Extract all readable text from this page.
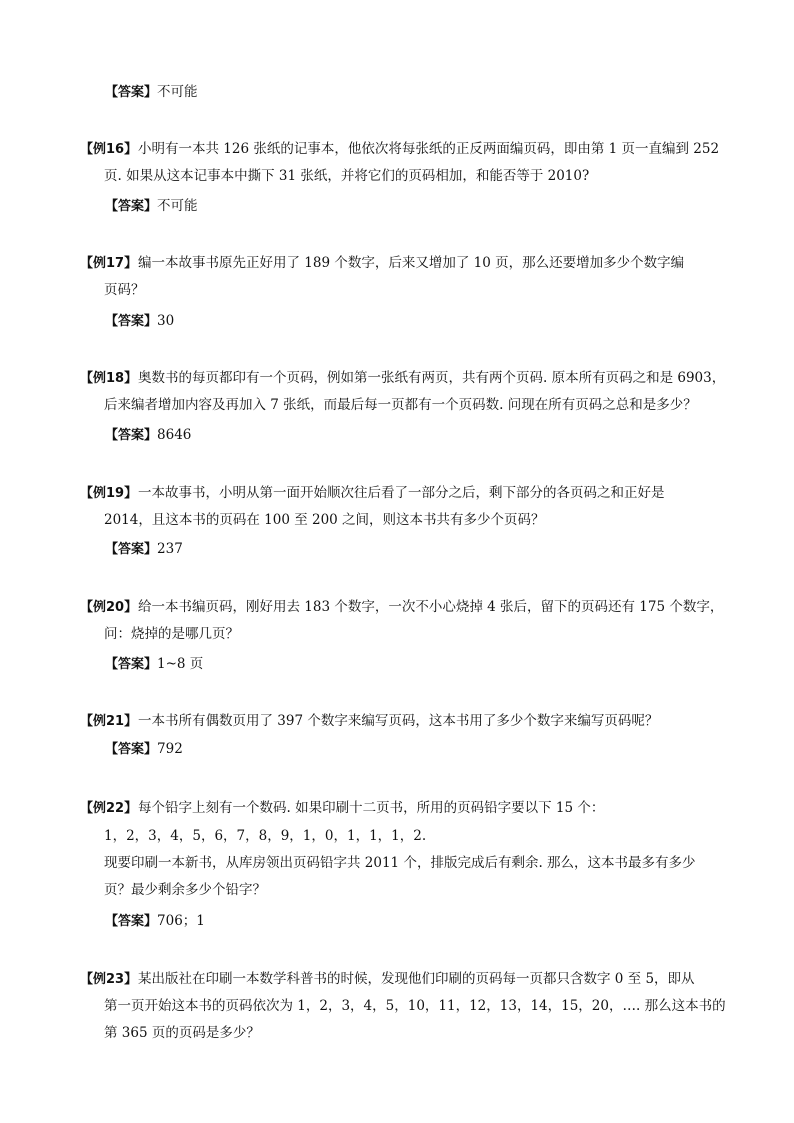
【答案】不可能
【例16】小明有一本共 126 张纸的记事本，他依次将每张纸的正反两面编页码，即由第 1 页一直编到 252
页. 如果从这本记事本中撕下 31 张纸，并将它们的页码相加，和能否等于 2010?
【答案】不可能
【例17】编一本故事书原先正好用了 189 个数字，后来又增加了 10 页，那么还要增加多少个数字编
页码？
【答案】30
【例18】奥数书的每页都印有一个页码，例如第一张纸有两页，共有两个页码. 原本所有页码之和是 6903，
后来编者增加内容及再加入 7 张纸，而最后每一页都有一个页码数. 问现在所有页码之总和是多少？
【答案】8646
【例19】一本故事书，小明从第一面开始顺次往后看了一部分之后，剩下部分的各页码之和正好是
2014，且这本书的页码在 100 至 200 之间，则这本书共有多少个页码？
【答案】237
【例20】给一本书编页码，刚好用去 183 个数字，一次不小心烧掉 4 张后，留下的页码还有 175 个数字，
问：烧掉的是哪几页？
【答案】1~8 页
【例21】一本书所有偶数页用了 397 个数字来编写页码，这本书用了多少个数字来编写页码呢？
【答案】792
【例22】每个铅字上刻有一个数码. 如果印刷十二页书，所用的页码铅字要以下 15 个：
1，2，3，4，5，6，7，8，9，1，0，1，1，1，2.
现要印刷一本新书，从库房领出页码铅字共 2011 个，排版完成后有剩余. 那么，这本书最多有多少
页？最少剩余多少个铅字？
【答案】706；1
【例23】某出版社在印刷一本数学科普书的时候，发现他们印刷的页码每一页都只含数字 0 至 5，即从
第一页开始这本书的页码依次为 1，2，3，4，5，10，11，12，13，14，15，20，…. 那么这本书的
第 365 页的页码是多少？
